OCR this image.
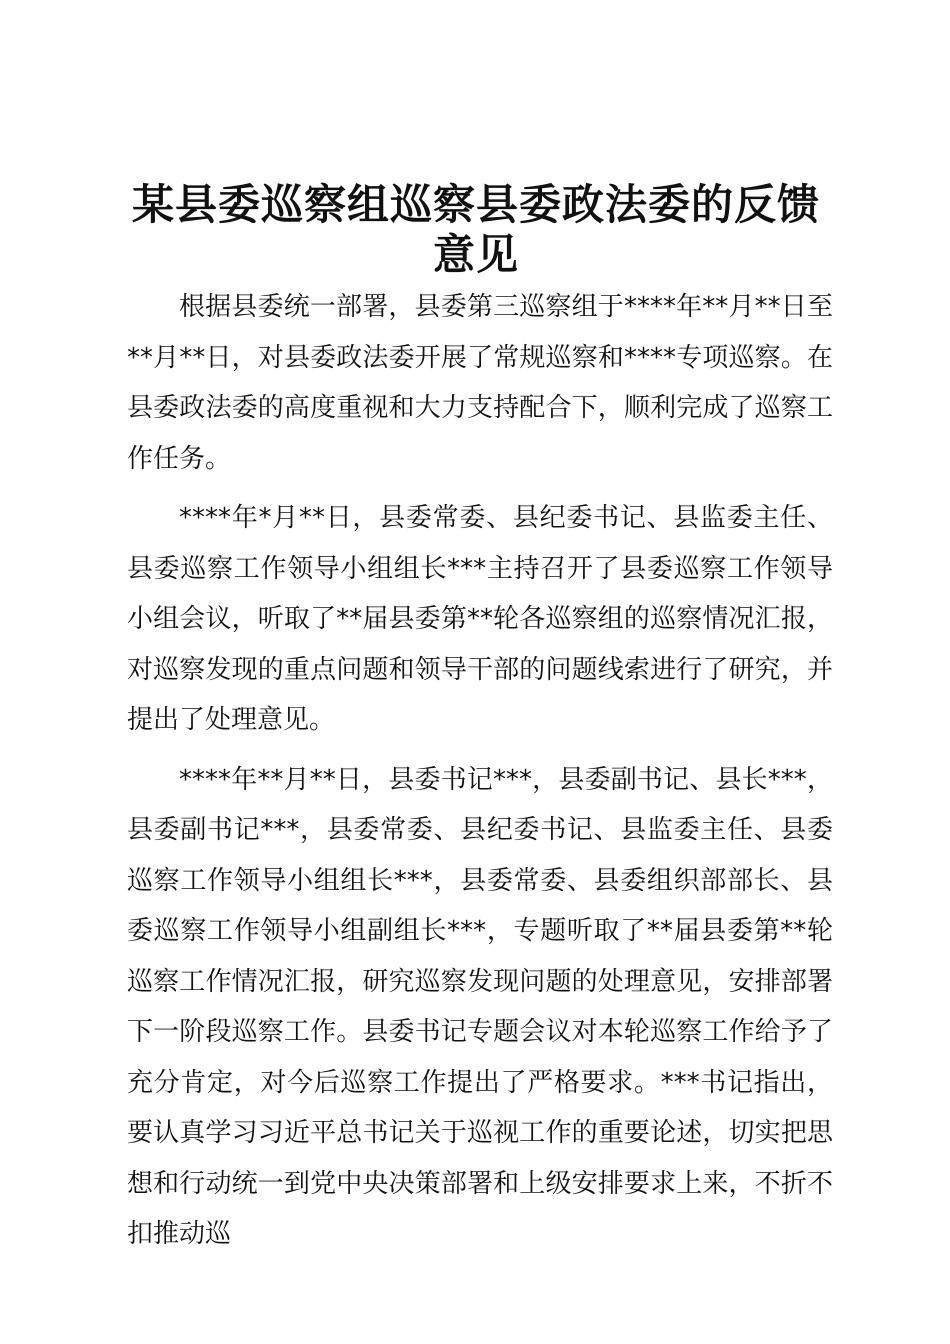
某县委巡察组巡察县委政法委的反馈意见

根据县委统一部署，县委第三巡察组于****年**月**日至**月**日，对县委政法委开展了常规巡察和****专项巡察。在县委政法委的高度重视和大力支持配合下，顺利完成了巡察工作任务。

****年*月**日，县委常委、县纪委书记、县监委主任、县委巡察工作领导小组组长***主持召开了县委巡察工作领导小组会议，听取了**届县委第**轮各巡察组的巡察情况汇报，对巡察发现的重点问题和领导干部的问题线索进行了研究，并提出了处理意见。

****年**月**日，县委书记***，县委副书记、县长***，县委副书记***，县委常委、县纪委书记、县监委主任、县委巡察工作领导小组组长***，县委常委、县委组织部部长、县委巡察工作领导小组副组长***，专题听取了**届县委第**轮巡察工作情况汇报，研究巡察发现问题的处理意见，安排部署下一阶段巡察工作。县委书记专题会议对本轮巡察工作给予了充分肯定，对今后巡察工作提出了严格要求。***书记指出，要认真学习习近平总书记关于巡视工作的重要论述，切实把思想和行动统一到党中央决策部署和上级安排要求上来，不折不扣推动巡
